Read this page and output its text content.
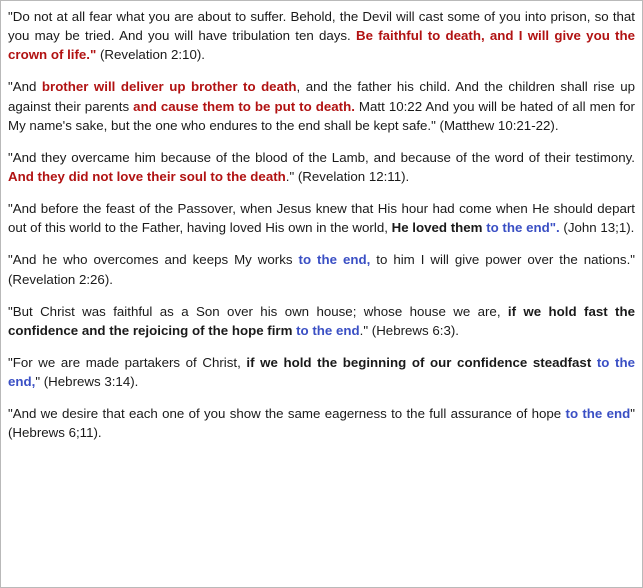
"Do not at all fear what you are about to suffer. Behold, the Devil will cast some of you into prison, so that you may be tried. And you will have tribulation ten days. Be faithful to death, and I will give you the crown of life." (Revelation 2:10).

"And brother will deliver up brother to death, and the father his child. And the children shall rise up against their parents and cause them to be put to death. Matt 10:22 And you will be hated of all men for My name's sake, but the one who endures to the end shall be kept safe." (Matthew 10:21-22).

"And they overcame him because of the blood of the Lamb, and because of the word of their testimony. And they did not love their soul to the death." (Revelation 12:11).

"And before the feast of the Passover, when Jesus knew that His hour had come when He should depart out of this world to the Father, having loved His own in the world, He loved them to the end". (John 13;1).

"And he who overcomes and keeps My works to the end, to him I will give power over the nations." (Revelation 2:26).

"But Christ was faithful as a Son over his own house; whose house we are, if we hold fast the confidence and the rejoicing of the hope firm to the end." (Hebrews 6:3).

"For we are made partakers of Christ, if we hold the beginning of our confidence steadfast to the end," (Hebrews 3:14).

"And we desire that each one of you show the same eagerness to the full assurance of hope to the end" (Hebrews 6;11).
